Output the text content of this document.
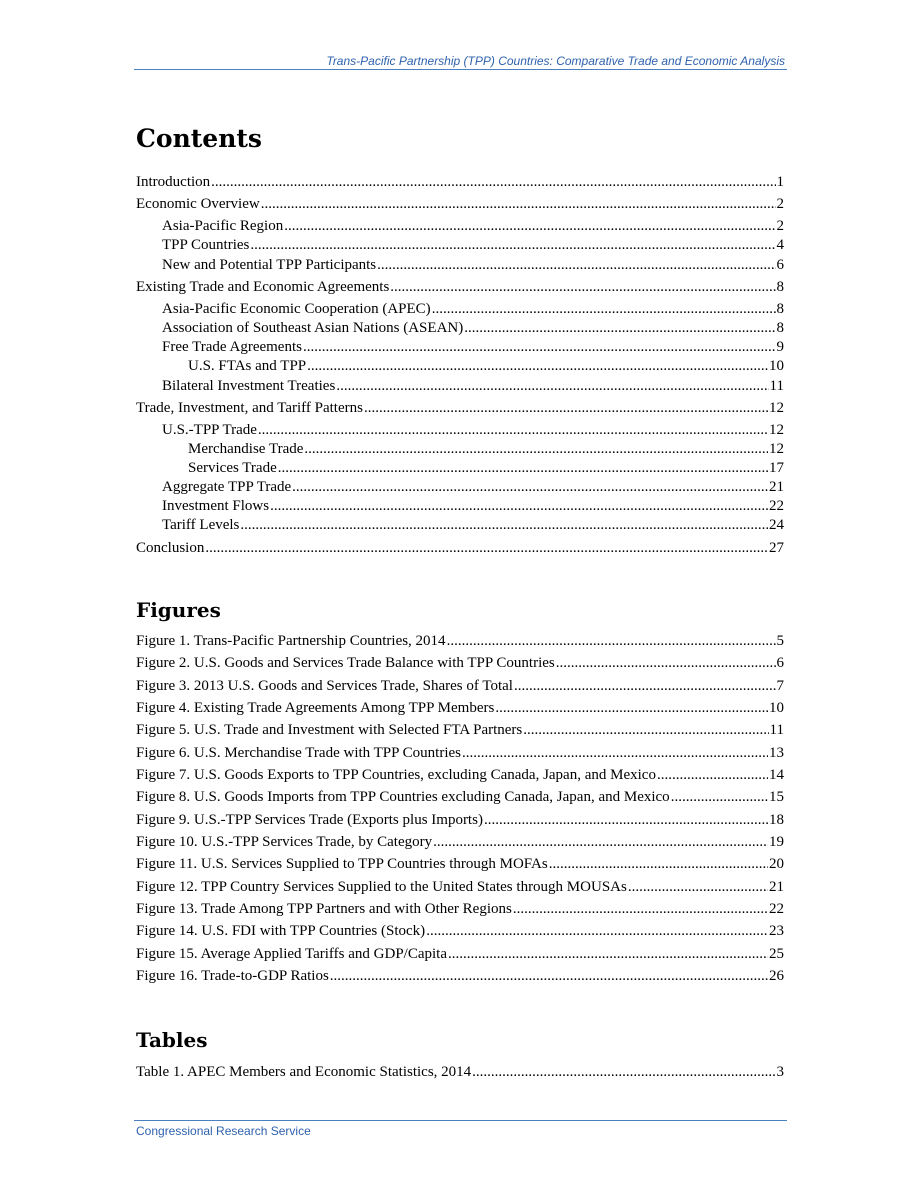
Trans-Pacific Partnership (TPP) Countries: Comparative Trade and Economic Analysis
Contents
Introduction .....	1
Economic Overview .....	2
Asia-Pacific Region .....	2
TPP Countries .....	4
New and Potential TPP Participants .....	6
Existing Trade and Economic Agreements .....	8
Asia-Pacific Economic Cooperation (APEC) .....	8
Association of Southeast Asian Nations (ASEAN) .....	8
Free Trade Agreements .....	9
U.S. FTAs and TPP .....	10
Bilateral Investment Treaties .....	11
Trade, Investment, and Tariff Patterns .....	12
U.S.-TPP Trade .....	12
Merchandise Trade .....	12
Services Trade .....	17
Aggregate TPP Trade .....	21
Investment Flows .....	22
Tariff Levels .....	24
Conclusion .....	27
Figures
Figure 1. Trans-Pacific Partnership Countries, 2014 .....	5
Figure 2. U.S. Goods and Services Trade Balance with TPP Countries .....	6
Figure 3. 2013 U.S. Goods and Services Trade, Shares of Total .....	7
Figure 4. Existing Trade Agreements Among TPP Members .....	10
Figure 5. U.S. Trade and Investment with Selected FTA Partners .....	11
Figure 6. U.S. Merchandise Trade with TPP Countries .....	13
Figure 7. U.S. Goods Exports to TPP Countries, excluding Canada, Japan, and Mexico .....	14
Figure 8. U.S. Goods Imports from TPP Countries excluding Canada, Japan, and Mexico .....	15
Figure 9. U.S.-TPP Services Trade (Exports plus Imports) .....	18
Figure 10. U.S.-TPP Services Trade, by Category .....	19
Figure 11. U.S. Services Supplied to TPP Countries through MOFAs .....	20
Figure 12. TPP Country Services Supplied to the United States through MOUSAs .....	21
Figure 13. Trade Among TPP Partners and with Other Regions .....	22
Figure 14. U.S. FDI with TPP Countries (Stock) .....	23
Figure 15. Average Applied Tariffs and GDP/Capita .....	25
Figure 16. Trade-to-GDP Ratios .....	26
Tables
Table 1. APEC Members and Economic Statistics, 2014 .....	3
Congressional Research Service
